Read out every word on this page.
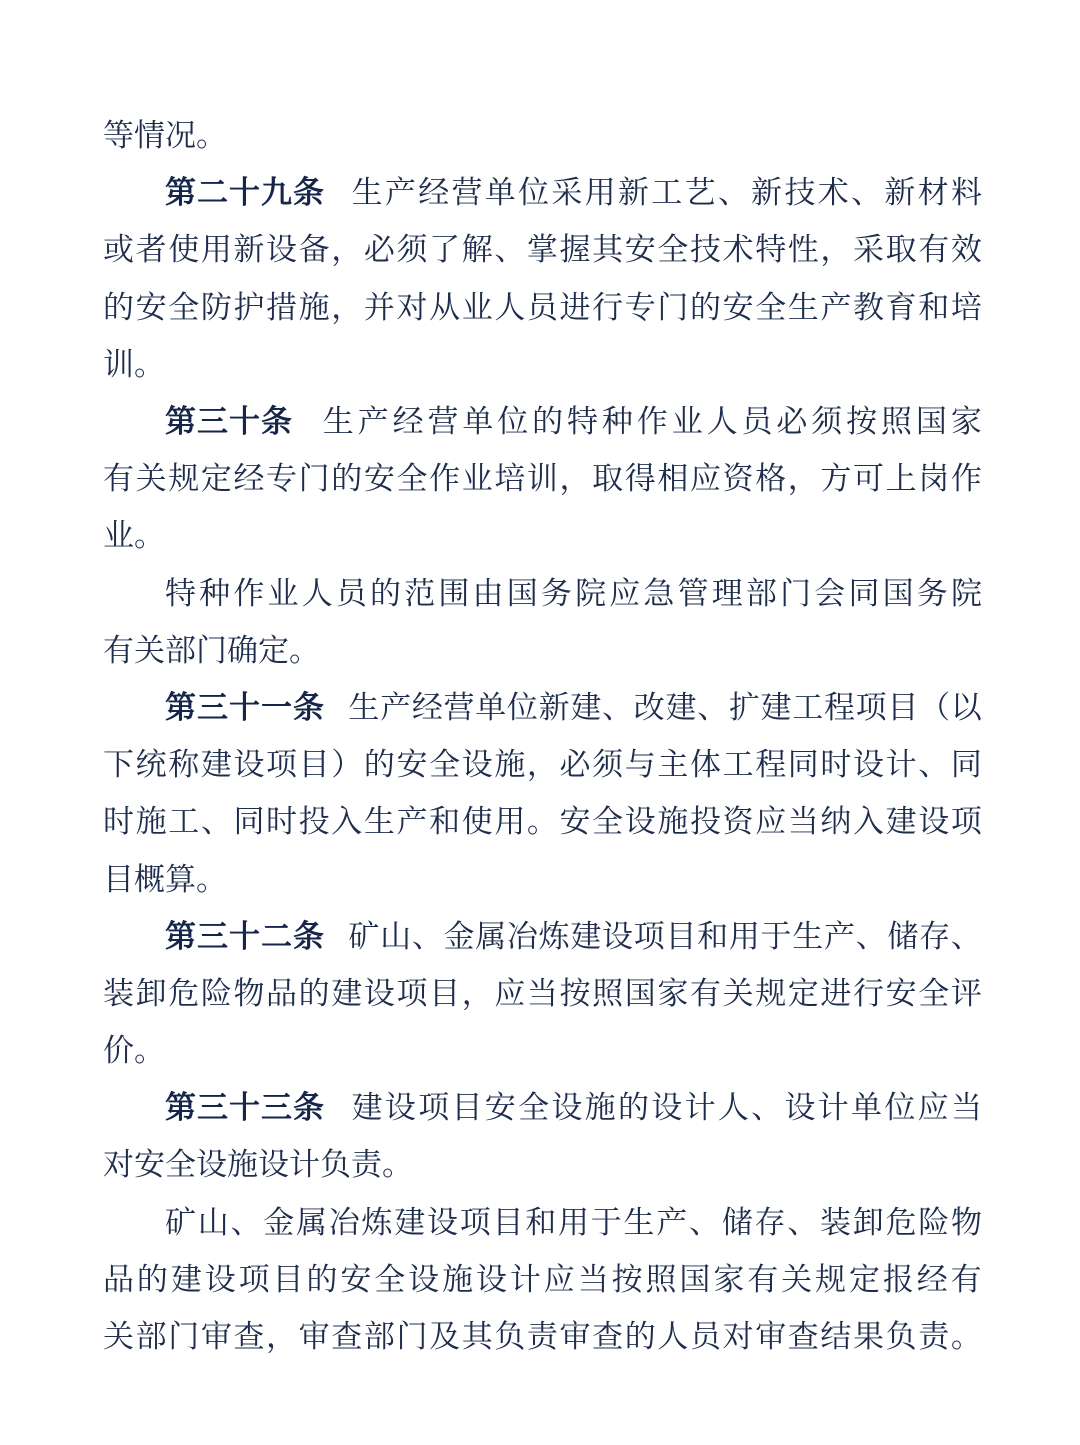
等情况。
第二十九条 生 产 经 营 单 位 采 用 新 工 艺 、 新 技 术 、 新 材 料
或 者 使 用 新 设 备 ， 必 须 了 解 、 掌 握 其 安 全 技 术 特 性 ， 采 取 有 效
的 安 全 防 护 措 施 ， 并 对 从 业 人 员 进 行 专 门 的 安 全 生 产 教 育 和 培
训。
第三十条 生 产 经 营 单 位 的 特 种 作 业 人 员 必 须 按 照 国 家
有 关 规 定 经 专 门 的 安 全 作 业 培 训 ， 取 得 相 应 资 格 ， 方 可 上 岗 作
业。
特 种 作 业 人 员 的 范 围 由 国 务 院 应 急 管 理 部 门 会 同 国 务 院
有关部门确定。
第三十一条 生 产 经 营 单 位 新 建 、 改 建 、 扩 建 工 程 项 目 （ 以
下 统 称 建 设 项 目 ） 的 安 全 设 施 ， 必 须 与 主 体 工 程 同 时 设 计 、 同
时 施 工 、 同 时 投 入 生 产 和 使 用 。 安 全 设 施 投 资 应 当 纳 入 建 设 项
目概算。
第三十二条 矿 山 、 金 属 冶 炼 建 设 项 目 和 用 于 生 产 、 储 存 、
装 卸 危 险 物 品 的 建 设 项 目 ， 应 当 按 照 国 家 有 关 规 定 进 行 安 全 评
价。
第三十三条 建 设 项 目 安 全 设 施 的 设 计 人 、 设 计 单 位 应 当
对安全设施设计负责。
矿 山 、 金 属 冶 炼 建 设 项 目 和 用 于 生 产 、 储 存 、 装 卸 危 险 物
品 的 建 设 项 目 的 安 全 设 施 设 计 应 当 按 照 国 家 有 关 规 定 报 经 有
关 部 门 审 查 ， 审 查 部 门 及 其 负 责 审 查 的 人 员 对 审 查 结 果 负 责 。
